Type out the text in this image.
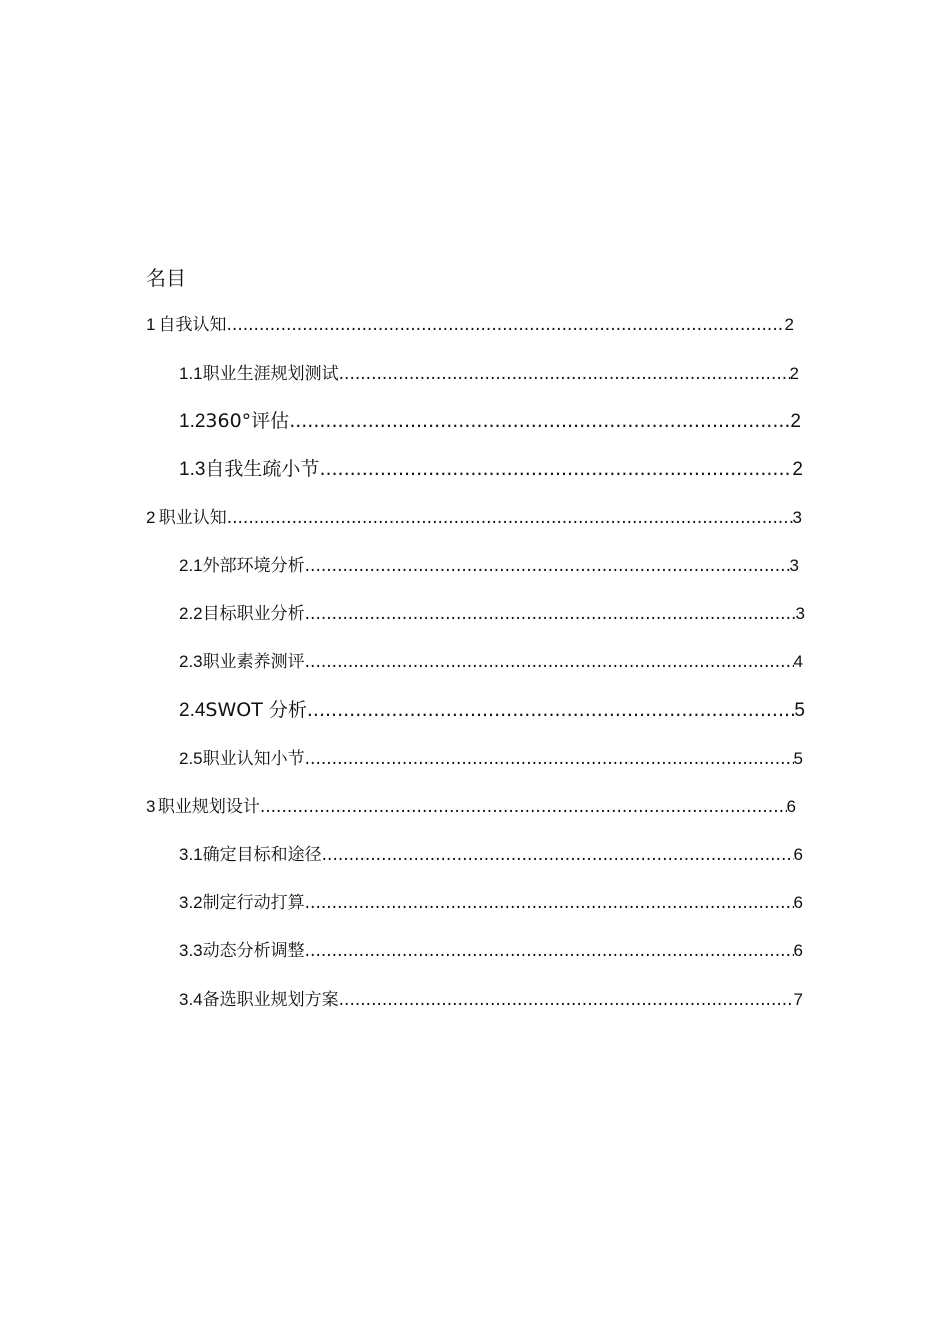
名目
1 自我认知 .....	2
1.1 职业生涯规划测试 .....	2
1.2 360°评估 .....	2
1.3 自我生疏小节 .....	2
2 职业认知 .....	3
2.1 外部环境分析 .....	3
2.2 目标职业分析 .....	3
2.3 职业素养测评 .....	4
2.4 SWOT 分析 .....	5
2.5 职业认知小节 .....	5
3 职业规划设计 .....	6
3.1 确定目标和途径 .....	6
3.2 制定行动打算 .....	6
3.3 动态分析调整 .....	6
3.4 备选职业规划方案 .....	7
